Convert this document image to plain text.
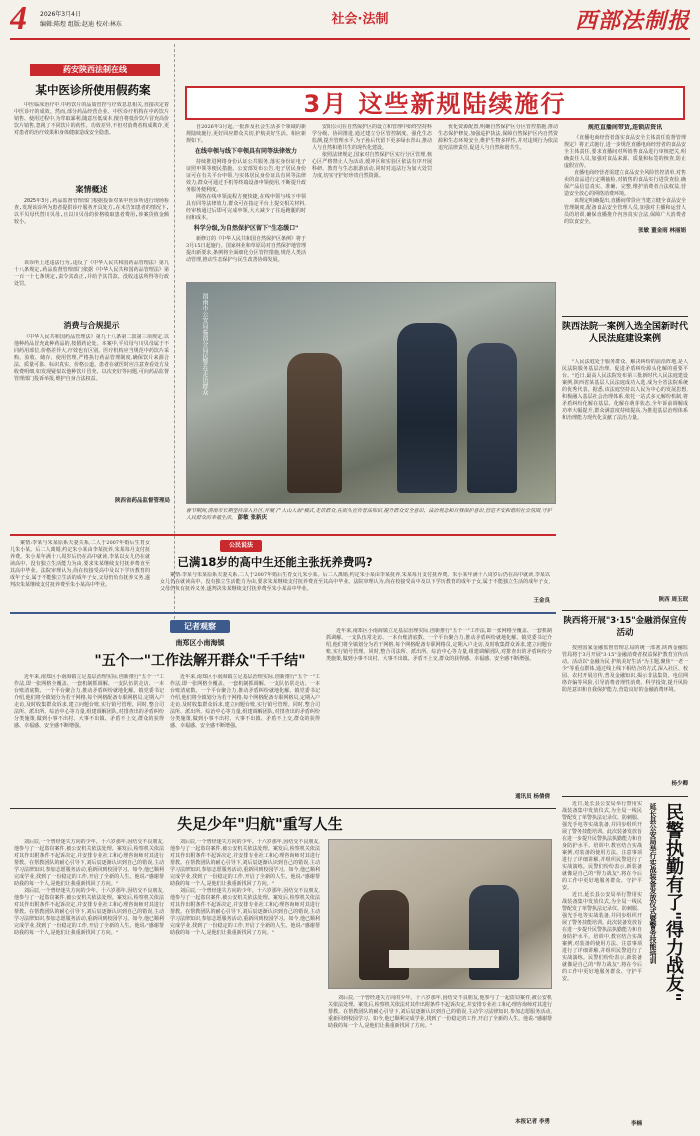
4	2026年3月4日
编辑:陈煜 组版:赵迪 校对:林东	社会·法制	西部法制报
药安陕西法制在线
某中医诊所使用假药案

中医临床治疗中,中药饮片的品质管控与疗效息息相关,直接决定着中医诊疗的成效。然而,部分药品经营企业、中医诊疗机构在中药饮片销售、使用过程中,为牟取暴利,随意压低成本,擅自将低价饮片冒充高价饮片销售,忽视了不同饮片的药性、功效差异,不但对消费者构成欺诈,更对患者的治疗效果和身体健康造成安全隐患。

案情概述

2025年3月,药品监督管理部门根据投诉对某中医诊所进行现场检查,发现该诊所为患者提供诊疗服务开具处方,在未告知患者的情况下,以平贝母代替川贝母,且以川贝母的价格收取患者费用,涉案货值金额较小。

该诊所上述违法行为,违反了《中华人民共和国药品管理法》第九十八条规定,药品监督管理部门依据《中华人民共和国药品管理法》第一百一十七条规定,责令其改正,并给予其罚款、没收违法所得等行政处罚。

消费与合规提示

《中华人民共和国药品管理法》第九十八条第二款第三项规定,以他种药品冒充此种药品的,按假药论处。本案中,平贝母与川贝母属于不同药用部位,价格差异大,疗效也有区别。医疗机构应当规范中药饮片采购、验收、储存、使用管理,严格执行药品管理制度,确保饮片来源合法、质量可靠、标识真实、价格公道。患者在就医时应注意查看处方及收费明细,如发现疑似以他种饮片冒充、以次充好等问题,可向药品监督管理部门投诉举报,维护自身合法权益。

陕西省药品监督管理局
3月 这些新规陆续施行

自2026年3月起,一批涉及社会生活多个领域的新规陆续施行,更好回应群众关切,护航美好生活。相应新规如下。

在线申领与线下申领具有同等法律效力

持续推进网络身份认证公共服务,落实身份证电子证照申领等便民措施。公安部发布公告,电子居民身份证可在有关平台申领,与实体居民身份证具有同等法律效力,群众可通过手机等终端设备申领使用,不断提升政务服务便利度。

网络在线申领流程方便快捷,在线申领与线下申领具有同等法律效力,群众可在指定平台上提交相关材料,经审核通过后即可完成申领,大大减少了往返跑腿的时间和成本。

科学分级,为自然保护区留下"生态缓口"

新修订的《中华人民共和国自然保护区条例》将于3月15日起施行。国家林业和草原局对自然保护地管理提出新要求,条例将全面细化分区管控措施,规范人类活动管理,推动生态保护与民生改善协调发展。

安阳公司在自然保护区的设立和管理中始终坚持科学分级、协同推进,通过建立分区管控制度、强化生态监测,提升管理水平,为子孙后代留下更多绿水青山,推动人与自然和谐共生的现代化建设。

依照法律规定,国家对自然保护区实行分区管理,核心区严格禁止人为活动,缓冲区和实验区依法有序开展科研、教育与生态旅游活动,同时对违法行为加大处罚力度,切实守护好珍贵自然资源。

优化资源配置,明确自然保护区分区管控措施,推动生态保护修复,加强巡护执法,保障自然保护区内自然资源和生态环境安全,维护生物多样性,并对违规行为依法追究法律责任,促进人与自然和谐共生。

规范直播间带货,连锁店资讯

《直播电商经营者落实食品安全主体责任监督管理规定》将正式施行,进一步规范直播电商经营者的食品安全主体责任,要求直播间对所销售食品进行审核把关,明确责任人员,加强对食品来源、质量和标签的核查,防止虚假宣传。

直播电商经营者需建立食品安全风险管控清单,对售卖的食品进行定期抽检,对销售的食品实行进货查验,确保产品信息真实、准确、完整,维护消费者合法权益,营造安全放心的网络消费环境。

该规定明确提出,直播间带货应当建立健全食品安全管理制度,配备食品安全管理人员,加强对主播和运营人员的培训,确保直播推介内容真实合法,保障广大消费者的饮食安全。

张敏 董金雨 林丽娟
渭南市公安局临渭分局民警在走访群众
春节期间,渭南市长期坚持深入社区,开展了"人山人海"模式,走访群众,在街头宣传普法知识,提升群众安全意识、法治观念和自我保护意识,营造平安和谐的社会氛围,守护人民群众的幸福生活。 彭敏 张新庆
陕西法院一案例入选全国新时代人民法庭建设案例

"人民法庭处于服务群众、解决纠纷的前沿阵地,是人民法院服务基层治理、促进矛盾纠纷源头化解的重要平台。"近日,最高人民法院发布第三批新时代人民法庭建设案例,陕西省某基层人民法庭成功入选,成为全省法院系统的优秀代表。据悉,该法庭坚持以人民为中心的发展思想,积极融入基层社会治理体系,依托一站式多元解纷机制,将矛盾纠纷化解在基层、化解在萌芽状态,全年诉前调解成功率大幅提升,群众满意度持续提高,为推进基层治理体系和治理能力现代化贡献了法治力量。

陕西 周玉珉
陕西将开展"3·15"金融消保宣传活动

按照国家金融监督管理总局的统一部署,陕西金融监管局将于3月开展"3·15"金融消费者权益保护教育宣传活动。活动以"金融为民 护航美好生活"为主题,聚焦"一老一少"等重点群体,通过线上线下相结合的方式,深入社区、校园、农村开展宣传,普及金融知识,揭示非法集资、电信网络诈骗等风险,引导消费者理性消费、科学投资,提升风险防范意识和自我保护能力,营造良好的金融消费环境。

杨少卿
公民说法
已满18岁的高中生还能主张抚养费吗?

案情:李某与朱某原系夫妻关系,二人于2007年婚后生育女儿朱小某。后二人离婚,约定朱小某由李某抚养,朱某每月支付抚养费。朱小某年满十八周岁后仍在高中就读,李某以女儿仍在就读高中、没有独立生活能力为由,要求朱某继续支付抚养费直至其高中毕业。法院审理认为,尚在校接受高中及以下学历教育的成年子女,属于不能独立生活的成年子女,父母仍负有抚养义务,遂判决朱某继续支付抚养费至朱小某高中毕业。

案情:李某与朱某原系夫妻关系,二人于2007年婚后生育女儿朱小某。后二人离婚,约定朱小某由李某抚养,朱某每月支付抚养费。朱小某年满十八周岁后仍在高中就读,李某以女儿仍在就读高中、没有独立生活能力为由,要求朱某继续支付抚养费直至其高中毕业。法院审理认为,尚在校接受高中及以下学历教育的成年子女,属于不能独立生活的成年子女,父母仍负有抚养义务,遂判决朱某继续支付抚养费至朱小某高中毕业。

王金良
记者观察
南郑区小南海镇
"五个一"工作法解开群众"千千结"

近年来,南郑区小南海镇立足基层治理实际,创新推行"五个一"工作法,即一张网格全覆盖、一套机制抓调解、一支队伍常走访、一本台账清底数、一个平台聚合力,推动矛盾纠纷就地化解。镇党委书记介绍,他们将全镇划分为若干网格,每个网格配备专职网格员,定期入户走访,及时收集群众诉求,建立问题台账,实行销号管理。同时,整合司法所、派出所、综治中心等力量,组建调解团队,对排查出的矛盾纠纷分类施策,做到小事不出村、大事不出镇、矛盾不上交,群众的获得感、幸福感、安全感不断增强。

近年来,南郑区小南海镇立足基层治理实际,创新推行"五个一"工作法,即一张网格全覆盖、一套机制抓调解、一支队伍常走访、一本台账清底数、一个平台聚合力,推动矛盾纠纷就地化解。镇党委书记介绍,他们将全镇划分为若干网格,每个网格配备专职网格员,定期入户走访,及时收集群众诉求,建立问题台账,实行销号管理。同时,整合司法所、派出所、综治中心等力量,组建调解团队,对排查出的矛盾纠纷分类施策,做到小事不出村、大事不出镇、矛盾不上交,群众的获得感、幸福感、安全感不断增强。

近年来,南郑区小南海镇立足基层治理实际,创新推行"五个一"工作法,即一张网格全覆盖、一套机制抓调解、一支队伍常走访、一本台账清底数、一个平台聚合力,推动矛盾纠纷就地化解。镇党委书记介绍,他们将全镇划分为若干网格,每个网格配备专职网格员,定期入户走访,及时收集群众诉求,建立问题台账,实行销号管理。同时,整合司法所、派出所、综治中心等力量,组建调解团队,对排查出的矛盾纠纷分类施策,做到小事不出村、大事不出镇、矛盾不上交,群众的获得感、幸福感、安全感不断增强。

通讯员 杨倩倩
失足少年"归航"重写人生

刘后辰,一个曾经迷失方向的少年。十六岁那年,因结交不良朋友,他参与了一起盗窃案件,被公安机关依法处理。案发后,检察机关依法对其作出附条件不起诉决定,并安排专业社工和心理咨询师对其进行帮教。在帮教团队的耐心引导下,刘后辰逐渐认识到自己的错误,主动学习法律知识,参加志愿服务活动,重新回到校园学习。如今,他已顺利完成学业,找到了一份稳定的工作,开启了全新的人生。他说:"感谢帮助我的每一个人,是他们让我重新找回了方向。"

刘后辰,一个曾经迷失方向的少年。十六岁那年,因结交不良朋友,他参与了一起盗窃案件,被公安机关依法处理。案发后,检察机关依法对其作出附条件不起诉决定,并安排专业社工和心理咨询师对其进行帮教。在帮教团队的耐心引导下,刘后辰逐渐认识到自己的错误,主动学习法律知识,参加志愿服务活动,重新回到校园学习。如今,他已顺利完成学业,找到了一份稳定的工作,开启了全新的人生。他说:"感谢帮助我的每一个人,是他们让我重新找回了方向。"

刘后辰,一个曾经迷失方向的少年。十六岁那年,因结交不良朋友,他参与了一起盗窃案件,被公安机关依法处理。案发后,检察机关依法对其作出附条件不起诉决定,并安排专业社工和心理咨询师对其进行帮教。在帮教团队的耐心引导下,刘后辰逐渐认识到自己的错误,主动学习法律知识,参加志愿服务活动,重新回到校园学习。如今,他已顺利完成学业,找到了一份稳定的工作,开启了全新的人生。他说:"感谢帮助我的每一个人,是他们让我重新找回了方向。"

刘后辰,一个曾经迷失方向的少年。十六岁那年,因结交不良朋友,他参与了一起盗窃案件,被公安机关依法处理。案发后,检察机关依法对其作出附条件不起诉决定,并安排专业社工和心理咨询师对其进行帮教。在帮教团队的耐心引导下,刘后辰逐渐认识到自己的错误,主动学习法律知识,参加志愿服务活动,重新回到校园学习。如今,他已顺利完成学业,找到了一份稳定的工作,开启了全新的人生。他说:"感谢帮助我的每一个人,是他们让我重新找回了方向。"

刘后辰,一个曾经迷失方向的少年。十六岁那年,因结交不良朋友,他参与了一起盗窃案件,被公安机关依法处理。案发后,检察机关依法对其作出附条件不起诉决定,并安排专业社工和心理咨询师对其进行帮教。在帮教团队的耐心引导下,刘后辰逐渐认识到自己的错误,主动学习法律知识,参加志愿服务活动,重新回到校园学习。如今,他已顺利完成学业,找到了一份稳定的工作,开启了全新的人生。他说:"感谢帮助我的每一个人,是他们让我重新找回了方向。"

本报记者 李勇

近日,延长县公安局举行警用实战装备集中发放仪式,为全局一线民警配发了单警执法记录仪、防刺服、强光手电等实战装备,并同步组织开展了警务技能培训。此次装备发放旨在进一步提升民警执法执勤能力和自身防护水平。培训中,教官结合实战案例,对装备的使用方法、注意事项进行了详细讲解,并组织民警进行了实战演练。民警们纷纷表示,新装备就像是自己的"得力战友",将在今后的工作中更好地服务群众、守护平安。

近日,延长县公安局举行警用实战装备集中发放仪式,为全局一线民警配发了单警执法记录仪、防刺服、强光手电等实战装备,并同步组织开展了警务技能培训。此次装备发放旨在进一步提升民警执法执勤能力和自身防护水平。培训中,教官结合实战案例,对装备的使用方法、注意事项进行了详细讲解,并组织民警进行了实战演练。民警们纷纷表示,新装备就像是自己的"得力战友",将在今后的工作中更好地服务群众、守护平安。	民警执勤有了"得力战友"
延长县公安局举行实战装备发放仪式暨警务技能培训
李楠
